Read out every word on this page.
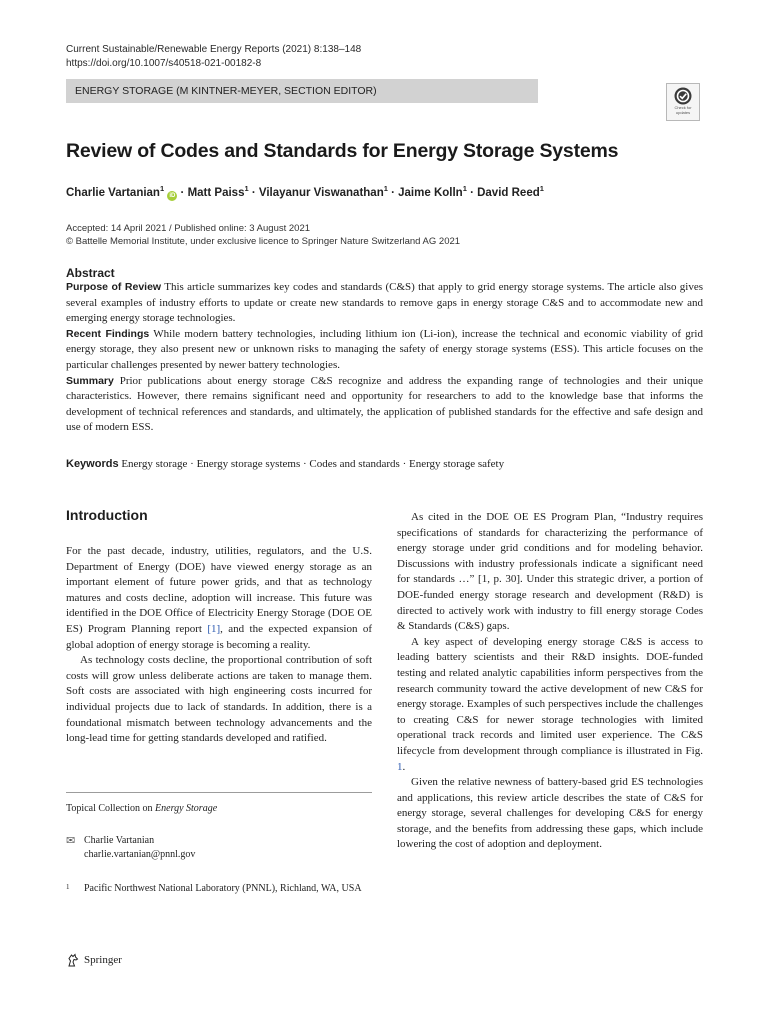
Current Sustainable/Renewable Energy Reports (2021) 8:138–148
https://doi.org/10.1007/s40518-021-00182-8
ENERGY STORAGE (M KINTNER-MEYER, SECTION EDITOR)
Check for updates
Review of Codes and Standards for Energy Storage Systems
Charlie Vartanian$^1$ iD · Matt Paiss$^1$ · Vilayanur Viswanathan$^1$ · Jaime Kolln$^1$ · David Reed$^1$
Accepted: 14 April 2021 / Published online: 3 August 2021
© Battelle Memorial Institute, under exclusive licence to Springer Nature Switzerland AG 2021
Abstract

Purpose of Review This article summarizes key codes and standards (C&S) that apply to grid energy storage systems. The article also gives several examples of industry efforts to update or create new standards to remove gaps in energy storage C&S and to accommodate new and emerging energy storage technologies.

Recent Findings While modern battery technologies, including lithium ion (Li-ion), increase the technical and economic viability of grid energy storage, they also present new or unknown risks to managing the safety of energy storage systems (ESS). This article focuses on the particular challenges presented by newer battery technologies.

Summary Prior publications about energy storage C&S recognize and address the expanding range of technologies and their unique characteristics. However, there remains significant need and opportunity for researchers to add to the knowledge base that informs the development of technical references and standards, and ultimately, the application of published standards for the effective and safe design and use of modern ESS.

Keywords Energy storage · Energy storage systems · Codes and standards · Energy storage safety
Introduction

For the past decade, industry, utilities, regulators, and the U.S. Department of Energy (DOE) have viewed energy storage as an important element of future power grids, and that as technology matures and costs decline, adoption will increase. This future was identified in the DOE Office of Electricity Energy Storage (DOE OE ES) Program Planning report [1], and the expected expansion of global adoption of energy storage is becoming a reality.

As technology costs decline, the proportional contribution of soft costs will grow unless deliberate actions are taken to manage them. Soft costs are associated with high engineering costs incurred for individual projects due to lack of standards. In addition, there is a foundational mismatch between technology advancements and the long-lead time for getting standards developed and ratified.

As cited in the DOE OE ES Program Plan, “Industry requires specifications of standards for characterizing the performance of energy storage under grid conditions and for modeling behavior. Discussions with industry professionals indicate a significant need for standards …” [1, p. 30]. Under this strategic driver, a portion of DOE-funded energy storage research and development (R&D) is directed to actively work with industry to fill energy storage Codes & Standards (C&S) gaps.

A key aspect of developing energy storage C&S is access to leading battery scientists and their R&D insights. DOE-funded testing and related analytic capabilities inform perspectives from the research community toward the active development of new C&S for energy storage. Examples of such perspectives include the challenges to creating C&S for newer storage technologies with limited operational track records and limited user experience. The C&S lifecycle from development through compliance is illustrated in Fig. 1.

Given the relative newness of battery-based grid ES technologies and applications, this review article describes the state of C&S for energy storage, several challenges for developing C&S for energy storage, and the benefits from addressing these gaps, which include lowering the cost of adoption and deployment.

Topical Collection on Energy Storage
✉ Charlie Vartanian
charlie.vartanian@pnnl.gov
1 Pacific Northwest National Laboratory (PNNL), Richland, WA, USA
Springer
